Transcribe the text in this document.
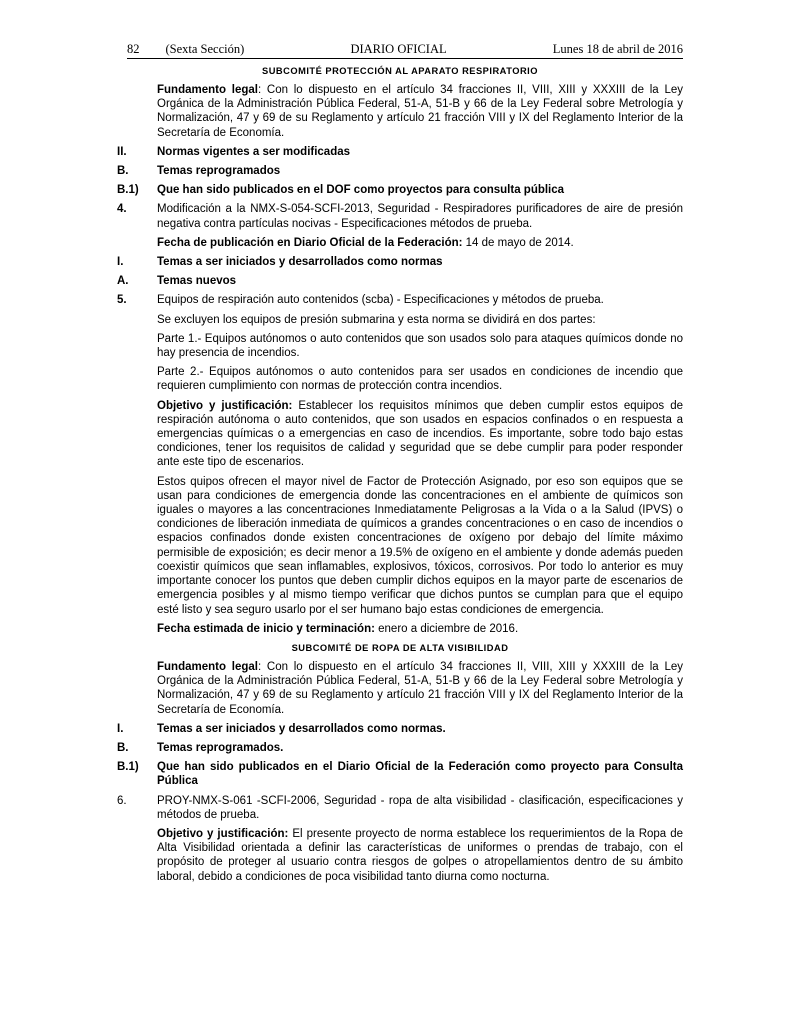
82 (Sexta Sección)	DIARIO OFICIAL	Lunes 18 de abril de 2016
SUBCOMITÉ PROTECCIÓN AL APARATO RESPIRATORIO
Fundamento legal: Con lo dispuesto en el artículo 34 fracciones II, VIII, XIII y XXXIII de la Ley Orgánica de la Administración Pública Federal, 51-A, 51-B y 66 de la Ley Federal sobre Metrología y Normalización, 47 y 69 de su Reglamento y artículo 21 fracción VIII y IX del Reglamento Interior de la Secretaría de Economía.
II.	Normas vigentes a ser modificadas
B.	Temas reprogramados
B.1)	Que han sido publicados en el DOF como proyectos para consulta pública
4.	Modificación a la NMX-S-054-SCFI-2013, Seguridad - Respiradores purificadores de aire de presión negativa contra partículas nocivas - Especificaciones métodos de prueba.
Fecha de publicación en Diario Oficial de la Federación: 14 de mayo de 2014.
I.	Temas a ser iniciados y desarrollados como normas
A.	Temas nuevos
5.	Equipos de respiración auto contenidos (scba) - Especificaciones y métodos de prueba.
Se excluyen los equipos de presión submarina y esta norma se dividirá en dos partes:
Parte 1.- Equipos autónomos o auto contenidos que son usados solo para ataques químicos donde no hay presencia de incendios.
Parte 2.- Equipos autónomos o auto contenidos para ser usados en condiciones de incendio que requieren cumplimiento con normas de protección contra incendios.
Objetivo y justificación: Establecer los requisitos mínimos que deben cumplir estos equipos de respiración autónoma o auto contenidos, que son usados en espacios confinados o en respuesta a emergencias químicas o a emergencias en caso de incendios. Es importante, sobre todo bajo estas condiciones, tener los requisitos de calidad y seguridad que se debe cumplir para poder responder ante este tipo de escenarios.
Estos quipos ofrecen el mayor nivel de Factor de Protección Asignado, por eso son equipos que se usan para condiciones de emergencia donde las concentraciones en el ambiente de químicos son iguales o mayores a las concentraciones Inmediatamente Peligrosas a la Vida o a la Salud (IPVS) o condiciones de liberación inmediata de químicos a grandes concentraciones o en caso de incendios o espacios confinados donde existen concentraciones de oxígeno por debajo del límite máximo permisible de exposición; es decir menor a 19.5% de oxígeno en el ambiente y donde además pueden coexistir químicos que sean inflamables, explosivos, tóxicos, corrosivos. Por todo lo anterior es muy importante conocer los puntos que deben cumplir dichos equipos en la mayor parte de escenarios de emergencia posibles y al mismo tiempo verificar que dichos puntos se cumplan para que el equipo esté listo y sea seguro usarlo por el ser humano bajo estas condiciones de emergencia.
Fecha estimada de inicio y terminación: enero a diciembre de 2016.
SUBCOMITÉ DE ROPA DE ALTA VISIBILIDAD
Fundamento legal: Con lo dispuesto en el artículo 34 fracciones II, VIII, XIII y XXXIII de la Ley Orgánica de la Administración Pública Federal, 51-A, 51-B y 66 de la Ley Federal sobre Metrología y Normalización, 47 y 69 de su Reglamento y artículo 21 fracción VIII y IX del Reglamento Interior de la Secretaría de Economía.
I.	Temas a ser iniciados y desarrollados como normas.
B.	Temas reprogramados.
B.1)	Que han sido publicados en el Diario Oficial de la Federación como proyecto para Consulta Pública
6.	PROY-NMX-S-061 -SCFI-2006, Seguridad - ropa de alta visibilidad - clasificación, especificaciones y métodos de prueba.
Objetivo y justificación: El presente proyecto de norma establece los requerimientos de la Ropa de Alta Visibilidad orientada a definir las características de uniformes o prendas de trabajo, con el propósito de proteger al usuario contra riesgos de golpes o atropellamientos dentro de su ámbito laboral, debido a condiciones de poca visibilidad tanto diurna como nocturna.
